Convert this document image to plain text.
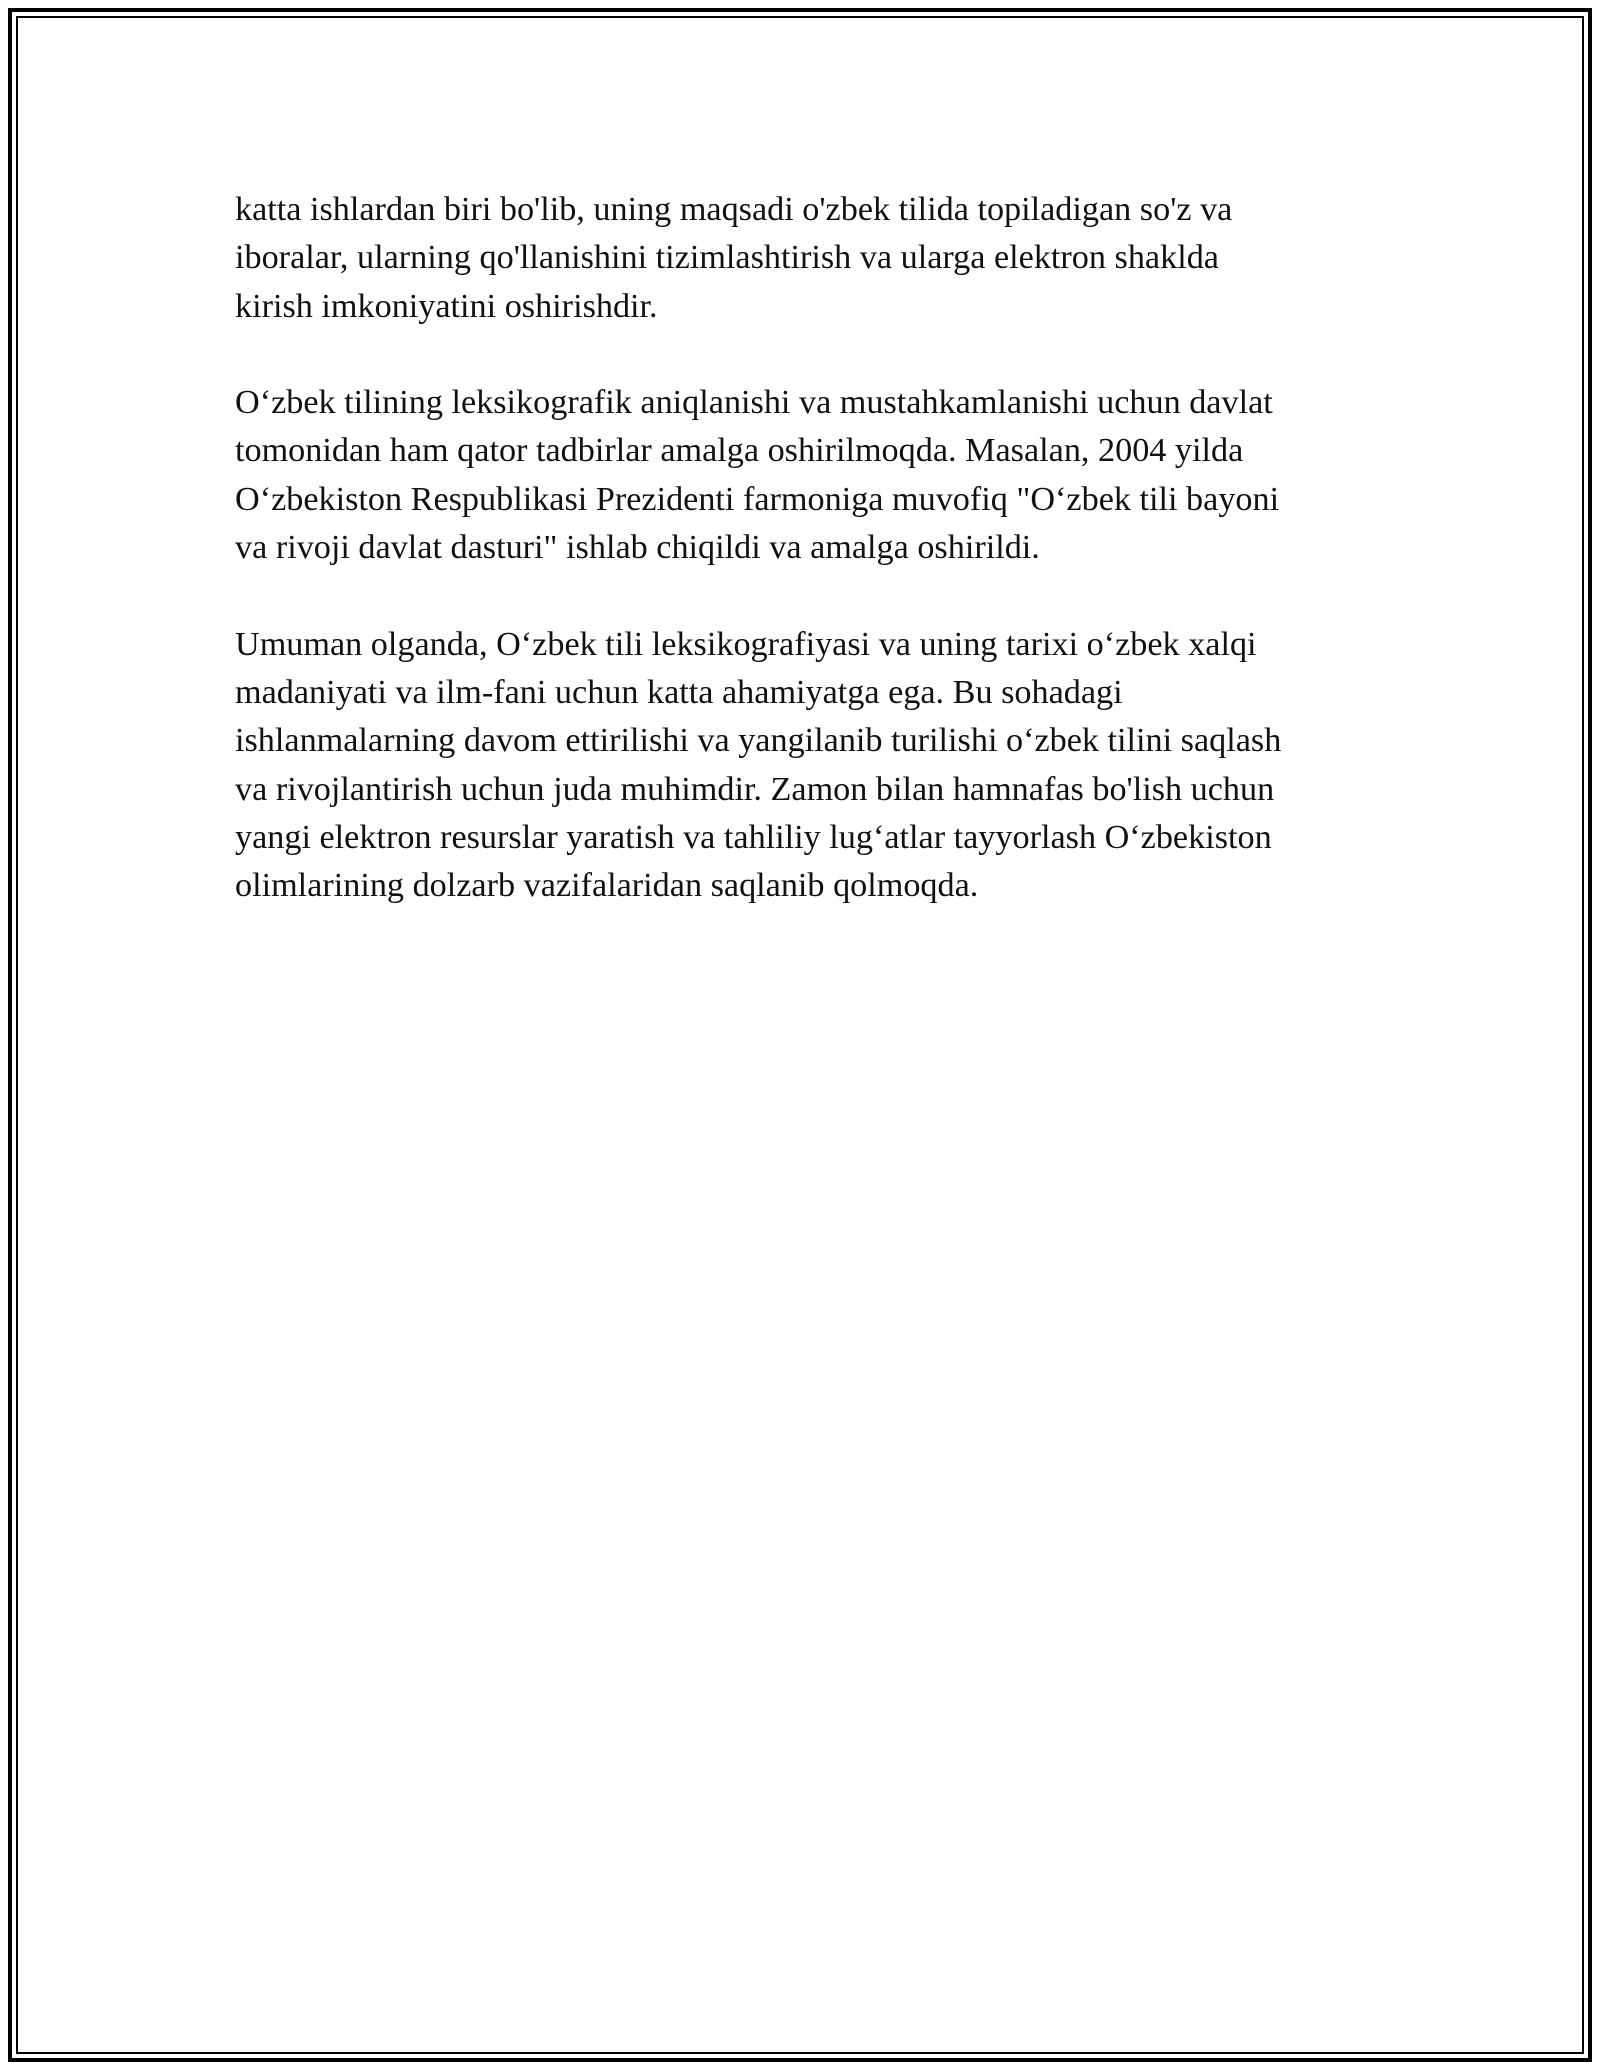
katta ishlardan biri bo'lib, uning maqsadi o'zbek tilida topiladigan so'z va
iboralar, ularning qo'llanishini tizimlashtirish va ularga elektron shaklda
kirish imkoniyatini oshirishdir.

O‘zbek tilining leksikografik aniqlanishi va mustahkamlanishi uchun davlat
tomonidan ham qator tadbirlar amalga oshirilmoqda. Masalan, 2004 yilda
O‘zbekiston Respublikasi Prezidenti farmoniga muvofiq "O‘zbek tili bayoni
va rivoji davlat dasturi" ishlab chiqildi va amalga oshirildi.

Umuman olganda, O‘zbek tili leksikografiyasi va uning tarixi o‘zbek xalqi
madaniyati va ilm-fani uchun katta ahamiyatga ega. Bu sohadagi
ishlanmalarning davom ettirilishi va yangilanib turilishi o‘zbek tilini saqlash
va rivojlantirish uchun juda muhimdir. Zamon bilan hamnafas bo'lish uchun
yangi elektron resurslar yaratish va tahliliy lug‘atlar tayyorlash O‘zbekiston
olimlarining dolzarb vazifalaridan saqlanib qolmoqda.
